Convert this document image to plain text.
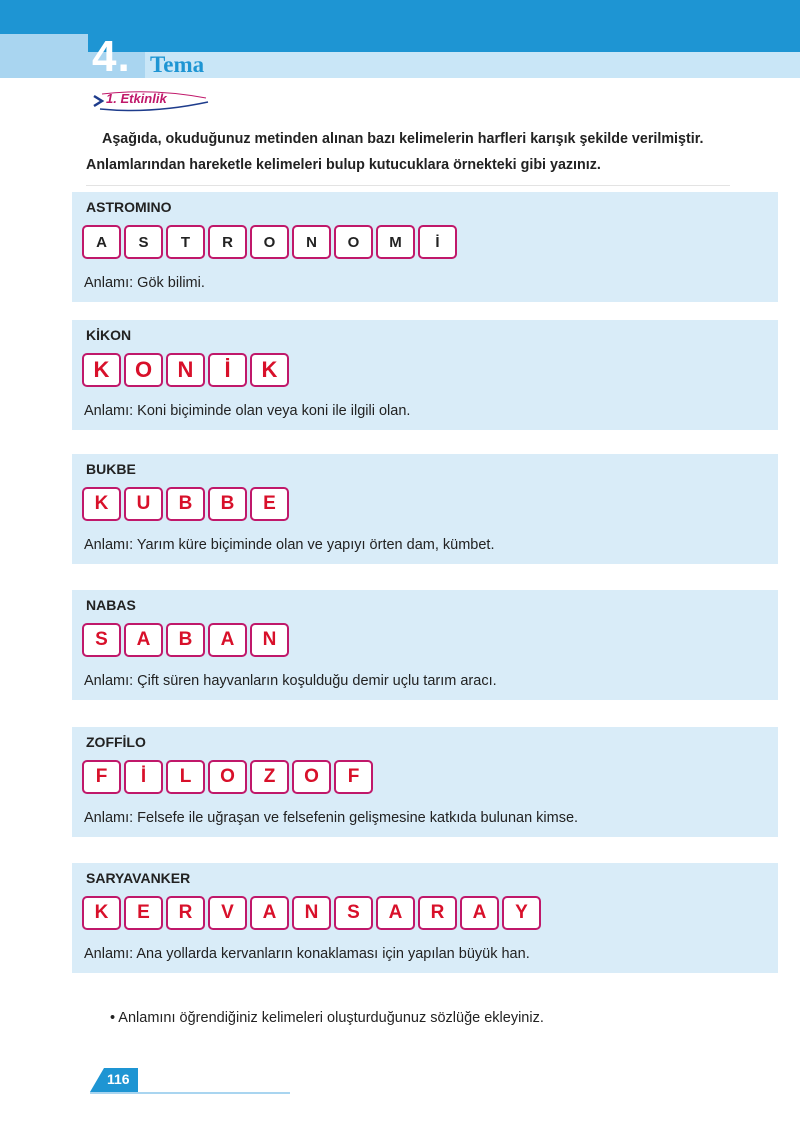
4. Tema
1. Etkinlik
Aşağıda, okuduğunuz metinden alınan bazı kelimelerin harfleri karışık şekilde verilmiştir. Anlamlarından hareketle kelimeleri bulup kutucuklara örnekteki gibi yazınız.
ASTROMINO
A	S	T	R	O	N	O	M	İ
Anlamı: Gök bilimi.
KİKON
K	O	N	İ	K
Anlamı: Koni biçiminde olan veya koni ile ilgili olan.
BUKBE
K	U	B	B	E
Anlamı: Yarım küre biçiminde olan ve yapıyı örten dam, kümbet.
NABAS
S	A	B	A	N
Anlamı: Çift süren hayvanların koşulduğu demir uçlu tarım aracı.
ZOFFİLO
F	İ	L	O	Z	O	F
Anlamı: Felsefe ile uğraşan ve felsefenin gelişmesine katkıda bulunan kimse.
SARYAVANKER
K	E	R	V	A	N	S	A	R	A	Y
Anlamı: Ana yollarda kervanların konaklaması için yapılan büyük han.
• Anlamını öğrendiğiniz kelimeleri oluşturduğunuz sözlüğe ekleyiniz.
116
